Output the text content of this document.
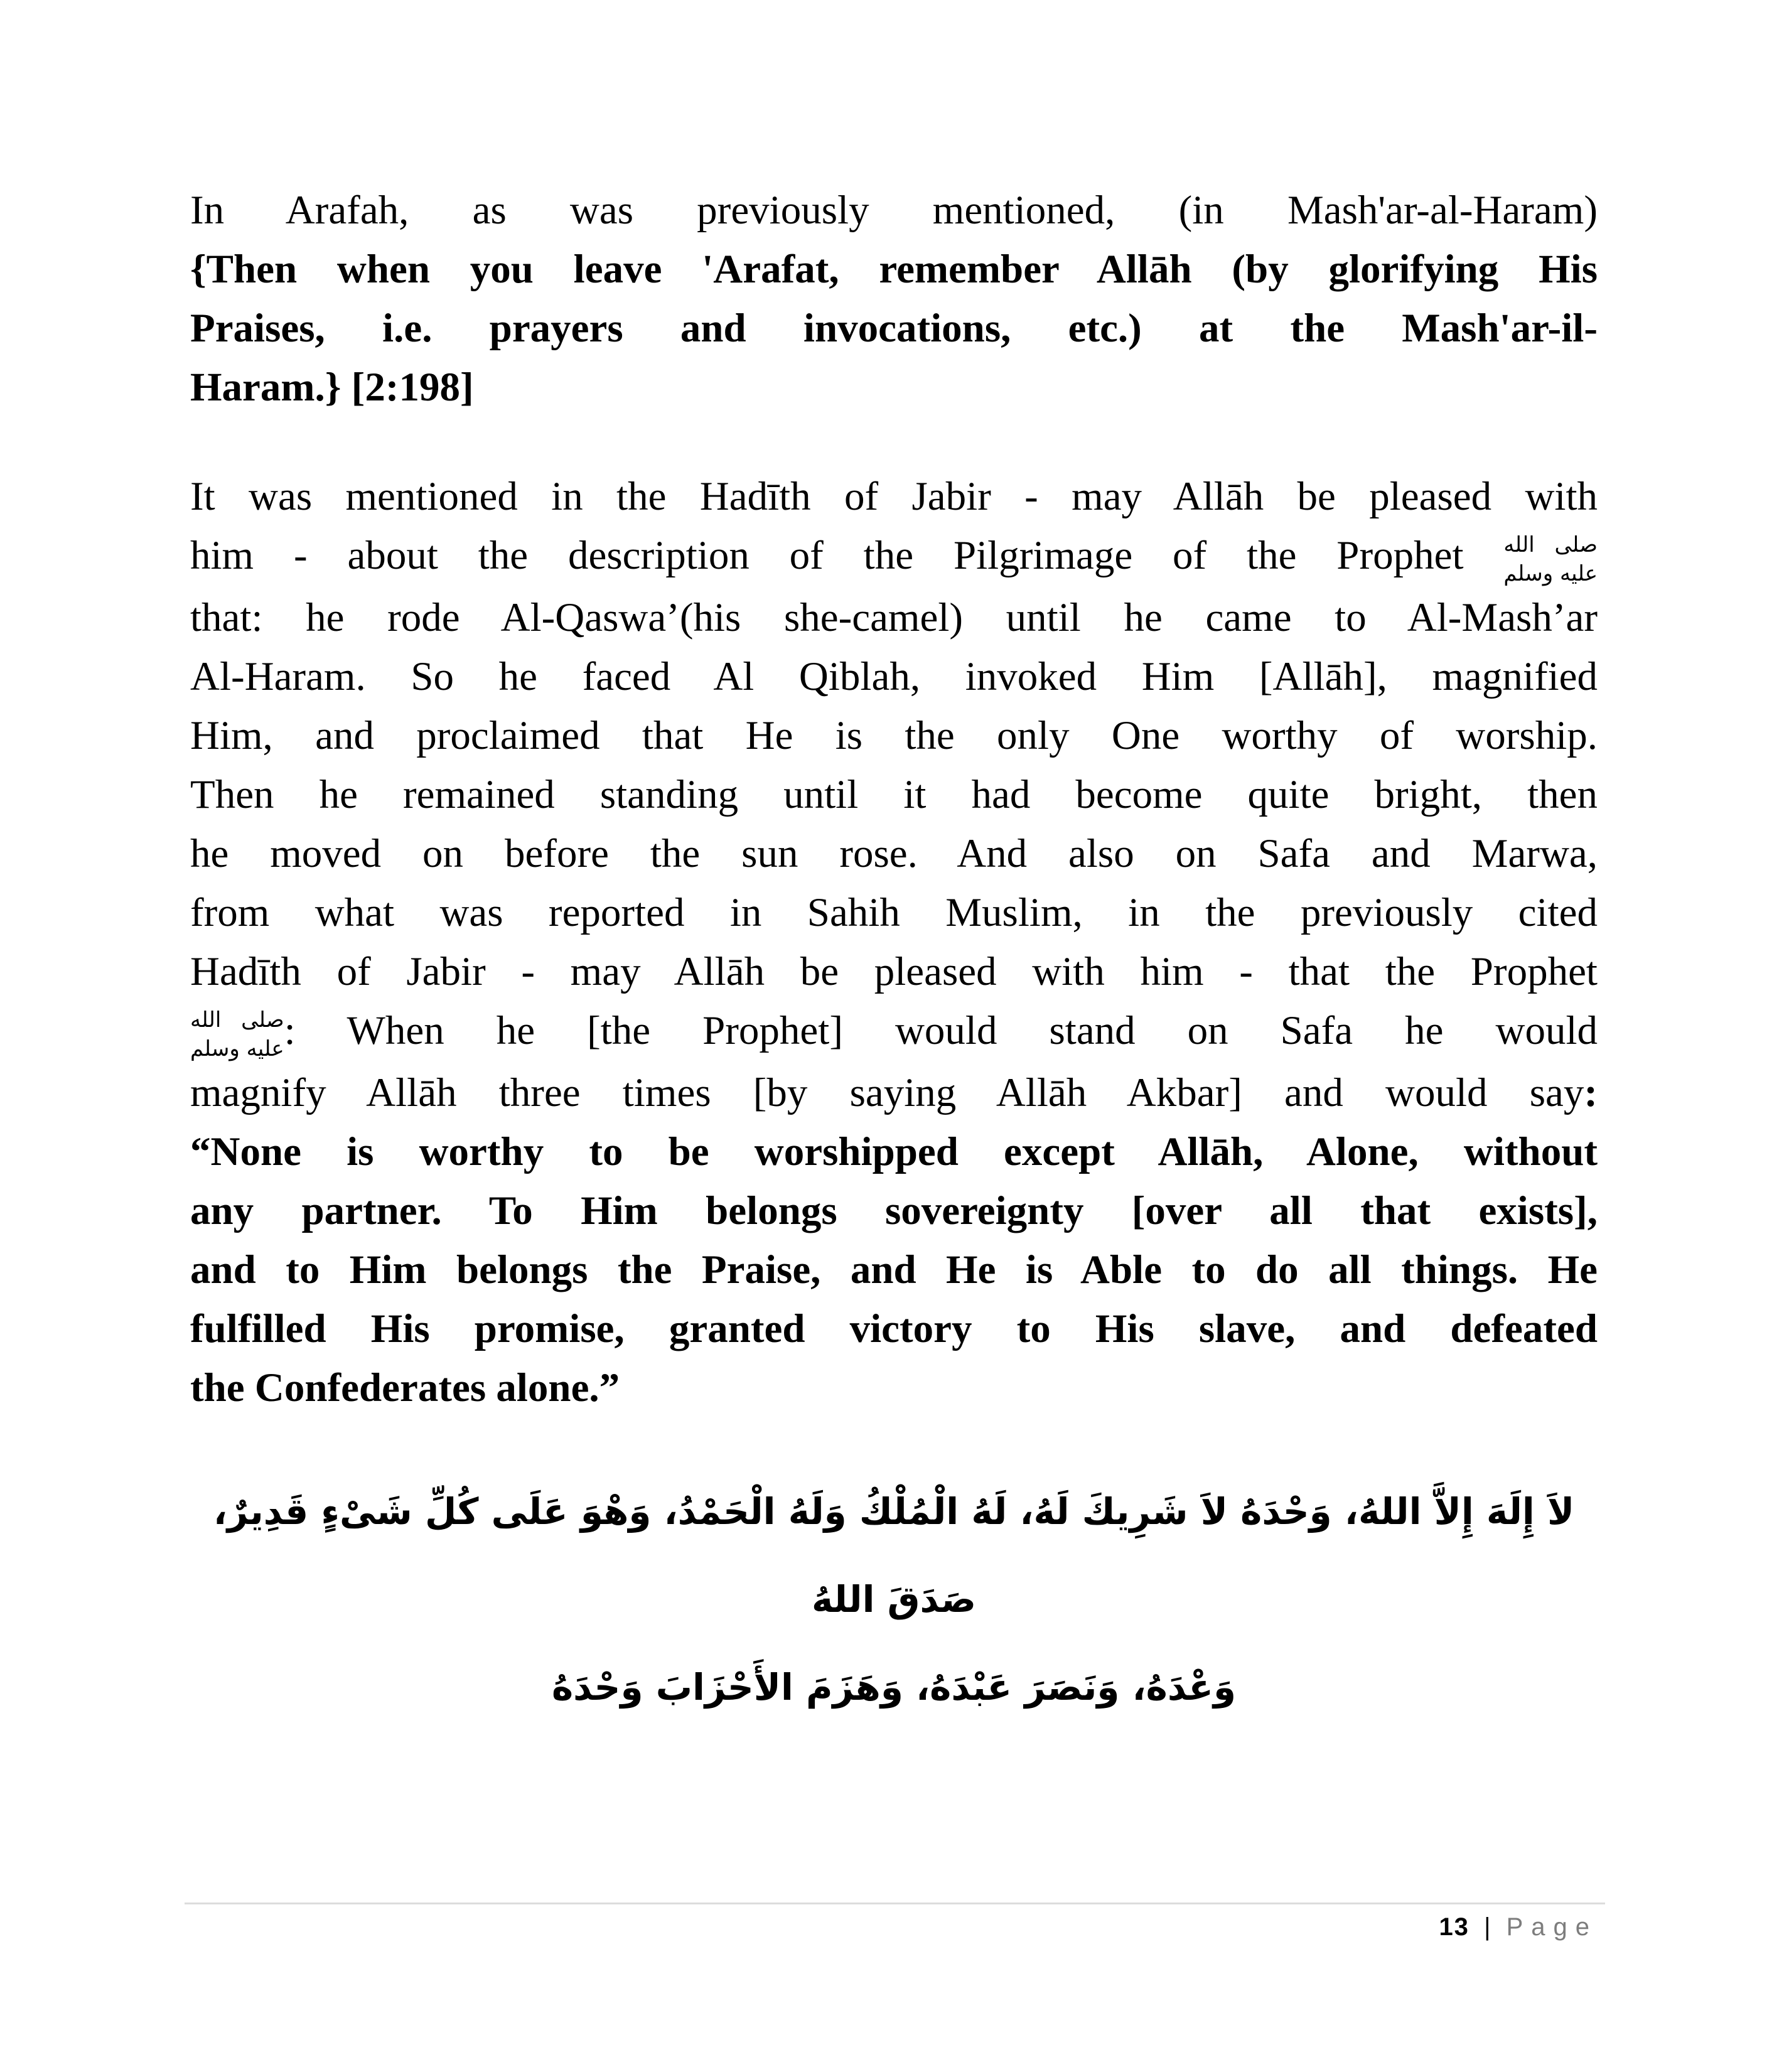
In Arafah, as was previously mentioned, (in Mash'ar-al-Haram)
{Then when you leave 'Arafat, remember Allāh (by glorifying His
Praises, i.e. prayers and invocations, etc.) at the Mash'ar-il-
Haram.} [2:198]
It was mentioned in the Hadīth of Jabir - may Allāh be pleased with
him - about the description of the Pilgrimage of the Prophet صلى الله
عليه وسلم
that: he rode Al-Qaswa’(his she-camel) until he came to Al-Mash’ar
Al-Haram. So he faced Al Qiblah, invoked Him [Allāh], magnified
Him, and proclaimed that He is the only One worthy of worship.
Then he remained standing until it had become quite bright, then
he moved on before the sun rose. And also on Safa and Marwa,
from what was reported in Sahih Muslim, in the previously cited
Hadīth of Jabir - may Allāh be pleased with him - that the Prophet
صلى الله
عليه وسلم : When he [the Prophet] would stand on Safa he would
magnify Allāh three times [by saying Allāh Akbar] and would say:
“None is worthy to be worshipped except Allāh, Alone, without
any partner. To Him belongs sovereignty [over all that exists],
and to Him belongs the Praise, and He is Able to do all things. He
fulfilled His promise, granted victory to His slave, and defeated
the Confederates alone.”
لاَ إِلَهَ إِلاَّ اللهُ، وَحْدَهُ لاَ شَرِيكَ لَهُ، لَهُ الْمُلْكُ وَلَهُ الْحَمْدُ، وَهْوَ عَلَى كُلِّ شَىْءٍ قَدِيرٌ، صَدَقَ اللهُ
وَعْدَهُ، وَنَصَرَ عَبْدَهُ، وَهَزَمَ الأَحْزَابَ وَحْدَهُ
13 | Page
